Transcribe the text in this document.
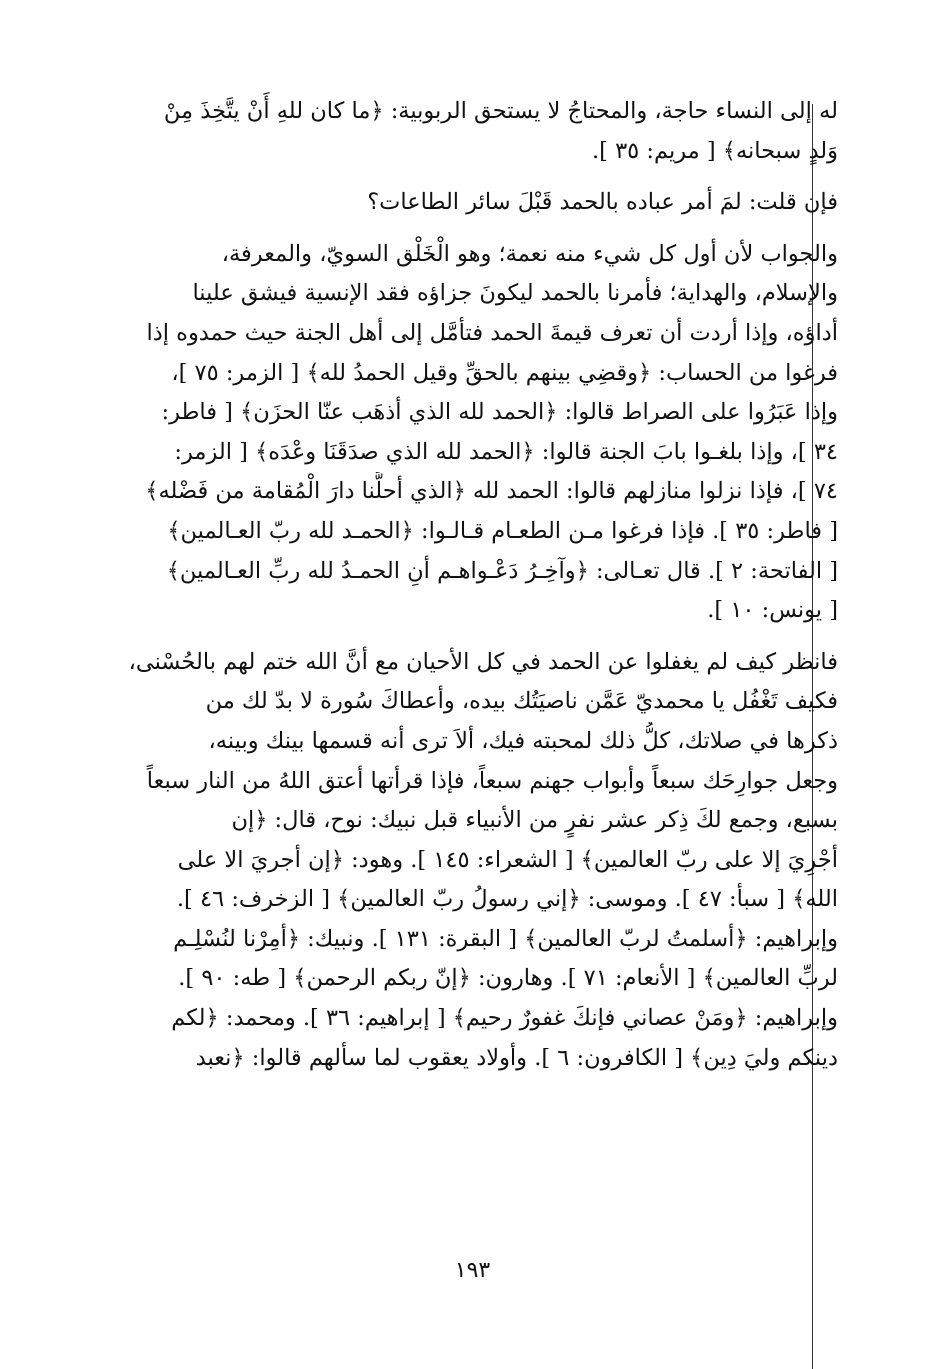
له إلى النساء حاجة، والمحتاجُ لا يستحق الربوبية: ﴿ما كان للهِ أَنْ يتَّخِذَ مِنْ
وَلدٍ سبحانه﴾ [ مريم: ٣٥ ].
فإن قلت: لمَ أمر عباده بالحمد قَبْلَ سائر الطاعات؟
والجواب لأن أول كل شيء منه نعمة؛ وهو الْخَلْق السويّ، والمعرفة،
والإسلام، والهداية؛ فأمرنا بالحمد ليكونَ جزاؤه فقد الإنسية فيشق علينا
أداؤه، وإذا أردت أن تعرف قيمةَ الحمد فتأمَّل إلى أهل الجنة حيث حمدوه إذا
فرغوا من الحساب: ﴿وقضِي بينهم بالحقِّ وقيل الحمدُ لله﴾ [ الزمر: ٧٥ ]،
وإذا عَبَرُوا على الصراط قالوا: ﴿الحمد لله الذي أذهَب عنّا الحزَن﴾ [ فاطر:
٣٤ ]، وإذا بلغـوا بابَ الجنة قالوا: ﴿الحمد لله الذي صدَقَنَا وعْدَه﴾ [ الزمر:
٧٤ ]، فإذا نزلوا منازلهم قالوا: الحمد لله ﴿الذي أحلَّنا دارَ الْمُقامة من فَضْله﴾
[ فاطر: ٣٥ ]. فإذا فرغوا مـن الطعـام قـالـوا: ﴿الحمـد لله ربّ العـالمين﴾
[ الفاتحة: ٢ ]. قال تعـالى: ﴿وآخِـرُ دَعْـواهـم أنِ الحمـدُ لله ربِّ العـالمين﴾
[ يونس: ١٠ ].
فانظر كيف لم يغفلوا عن الحمد في كل الأحيان مع أنَّ الله ختم لهم بالحُسْنى،
فكيف تَغْفُل يا محمديّ عَمَّن ناصيَتُك بيده، وأعطاكَ سُورة لا بدّ لك من
ذكرها في صلاتك، كلُّ ذلك لمحبته فيك، ألاَ ترى أنه قسمها بينك وبينه،
وجعل جوارِحَك سبعاً وأبواب جهنم سبعاً، فإذا قرأتها أعتق اللهُ من النار سبعاً
بسبع، وجمع لكَ ذِكر عشر نفرٍ من الأنبياء قبل نبيك: نوح، قال: ﴿إن
أجْرِيَ إلا على ربّ العالمين﴾ [ الشعراء: ١٤٥ ]. وهود: ﴿إن أجريَ الا على
الله﴾ [ سبأ: ٤٧ ]. وموسى: ﴿إني رسولُ ربّ العالمين﴾ [ الزخرف: ٤٦ ].
وإبراهيم: ﴿أسلمتُ لربّ العالمين﴾ [ البقرة: ١٣١ ]. ونبيك: ﴿أمِرْنا لنُسْلِـم
لربِّ العالمين﴾ [ الأنعام: ٧١ ]. وهارون: ﴿إنّ ربكم الرحمن﴾ [ طه: ٩٠ ].
وإبراهيم: ﴿ومَنْ عصاني فإنكَ غفورٌ رحيم﴾ [ إبراهيم: ٣٦ ]. ومحمد: ﴿لكم
دينكم وليَ دِين﴾ [ الكافرون: ٦ ]. وأولاد يعقوب لما سألهم قالوا: ﴿نعبد
١٩٣
